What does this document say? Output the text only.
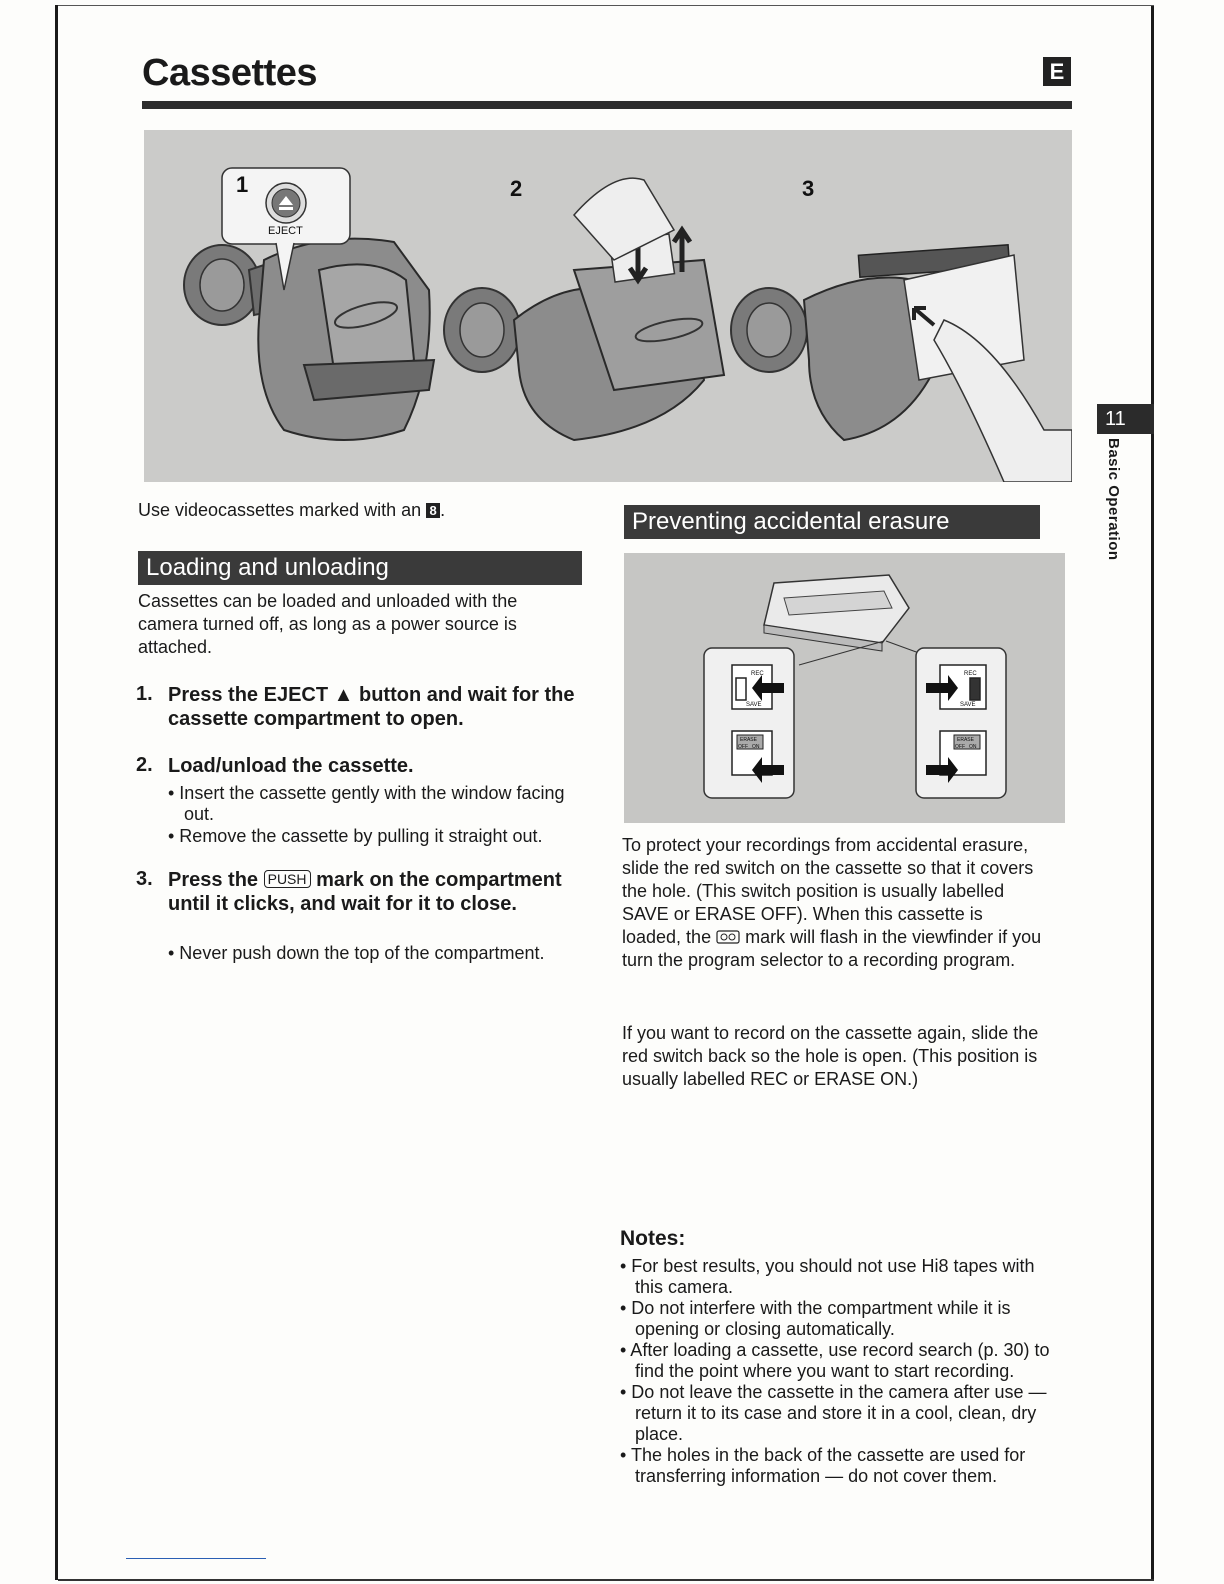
Cassettes	E
1	2	3
EJECT
11
Basic Operation
Use videocassettes marked with an 8 .
Loading and unloading
Cassettes can be loaded and unloaded with the camera turned off, as long as a power source is attached.
1. Press the EJECT ▲ button and wait for the cassette compartment to open.
2. Load/unload the cassette.
• Insert the cassette gently with the window facing out.
• Remove the cassette by pulling it straight out.
3. Press the PUSH mark on the compartment until it clicks, and wait for it to close.
• Never push down the top of the compartment.
Preventing accidental erasure
REC
SAVE
ERASE
REC
SAVE
ERASE
OFF ON	OFF ON
To protect your recordings from accidental erasure, slide the red switch on the cassette so that it covers the hole. (This switch position is usually labelled SAVE or ERASE OFF). When this cassette is loaded, the  mark will flash in the viewfinder if you turn the program selector to a recording program.
If you want to record on the cassette again, slide the red switch back so the hole is open. (This position is usually labelled REC or ERASE ON.)
Notes:
• For best results, you should not use Hi8 tapes with this camera.
• Do not interfere with the compartment while it is opening or closing automatically.
• After loading a cassette, use record search (p. 30) to find the point where you want to start recording.
• Do not leave the cassette in the camera after use — return it to its case and store it in a cool, clean, dry place.
• The holes in the back of the cassette are used for transferring information — do not cover them.
